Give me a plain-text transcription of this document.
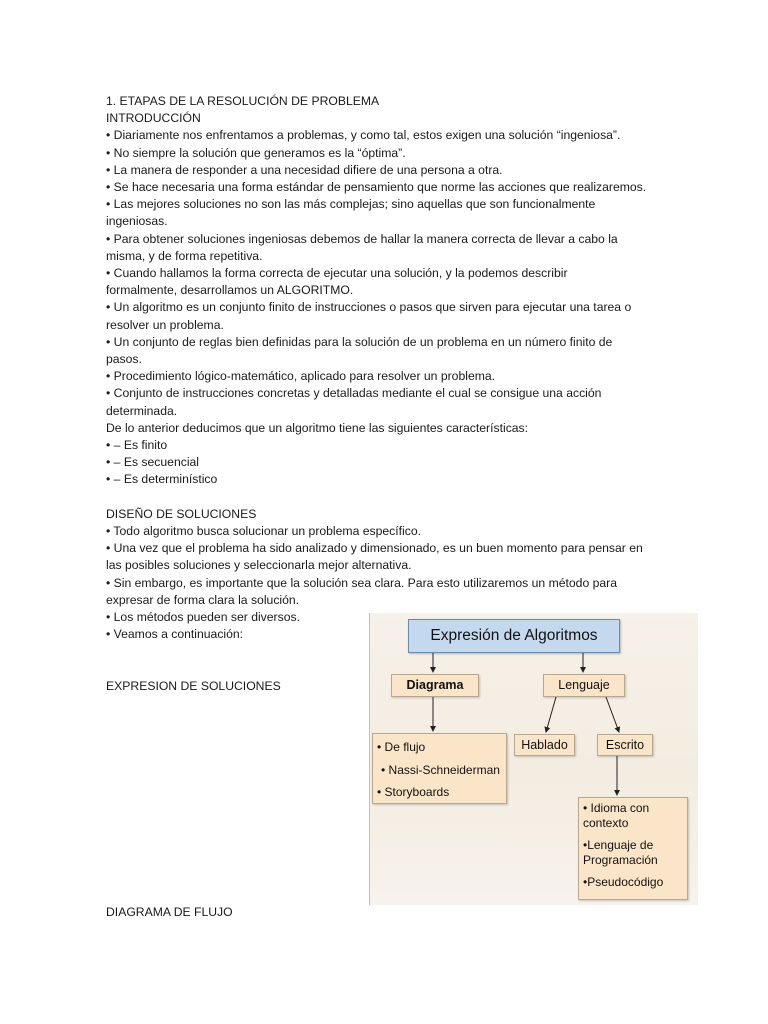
1. ETAPAS DE LA RESOLUCIÓN DE PROBLEMA

INTRODUCCIÓN

• Diariamente nos enfrentamos a problemas, y como tal, estos exigen una solución “ingeniosa”.

• No siempre la solución que generamos es la “óptima”.

• La manera de responder a una necesidad difiere de una persona a otra.

• Se hace necesaria una forma estándar de pensamiento que norme las acciones que realizaremos.

• Las mejores soluciones no son las más complejas; sino aquellas que son funcionalmente

ingeniosas.

• Para obtener soluciones ingeniosas debemos de hallar la manera correcta de llevar a cabo la

misma, y de forma repetitiva.

• Cuando hallamos la forma correcta de ejecutar una solución, y la podemos describir

formalmente, desarrollamos un ALGORITMO.

• Un algoritmo es un conjunto finito de instrucciones o pasos que sirven para ejecutar una tarea o

resolver un problema.

• Un conjunto de reglas bien definidas para la solución de un problema en un número finito de

pasos.

• Procedimiento lógico-matemático, aplicado para resolver un problema.

• Conjunto de instrucciones concretas y detalladas mediante el cual se consigue una acción

determinada.

De lo anterior deducimos que un algoritmo tiene las siguientes características:

• – Es finito

• – Es secuencial

• – Es determinístico

DISEÑO DE SOLUCIONES

• Todo algoritmo busca solucionar un problema específico.

• Una vez que el problema ha sido analizado y dimensionado, es un buen momento para pensar en

las posibles soluciones y seleccionarla mejor alternativa.

• Sin embargo, es importante que la solución sea clara. Para esto utilizaremos un método para

expresar de forma clara la solución.

• Los métodos pueden ser diversos.

• Veamos a continuación:

EXPRESION DE SOLUCIONES

Expresión de Algoritmos
Diagrama	Lenguaje
Hablado	Escrito
• De flujo
• Nassi-Schneiderman
• Storyboards
• Idioma con contexto
•Lenguaje de Programación
•Pseudocódigo
DIAGRAMA DE FLUJO
